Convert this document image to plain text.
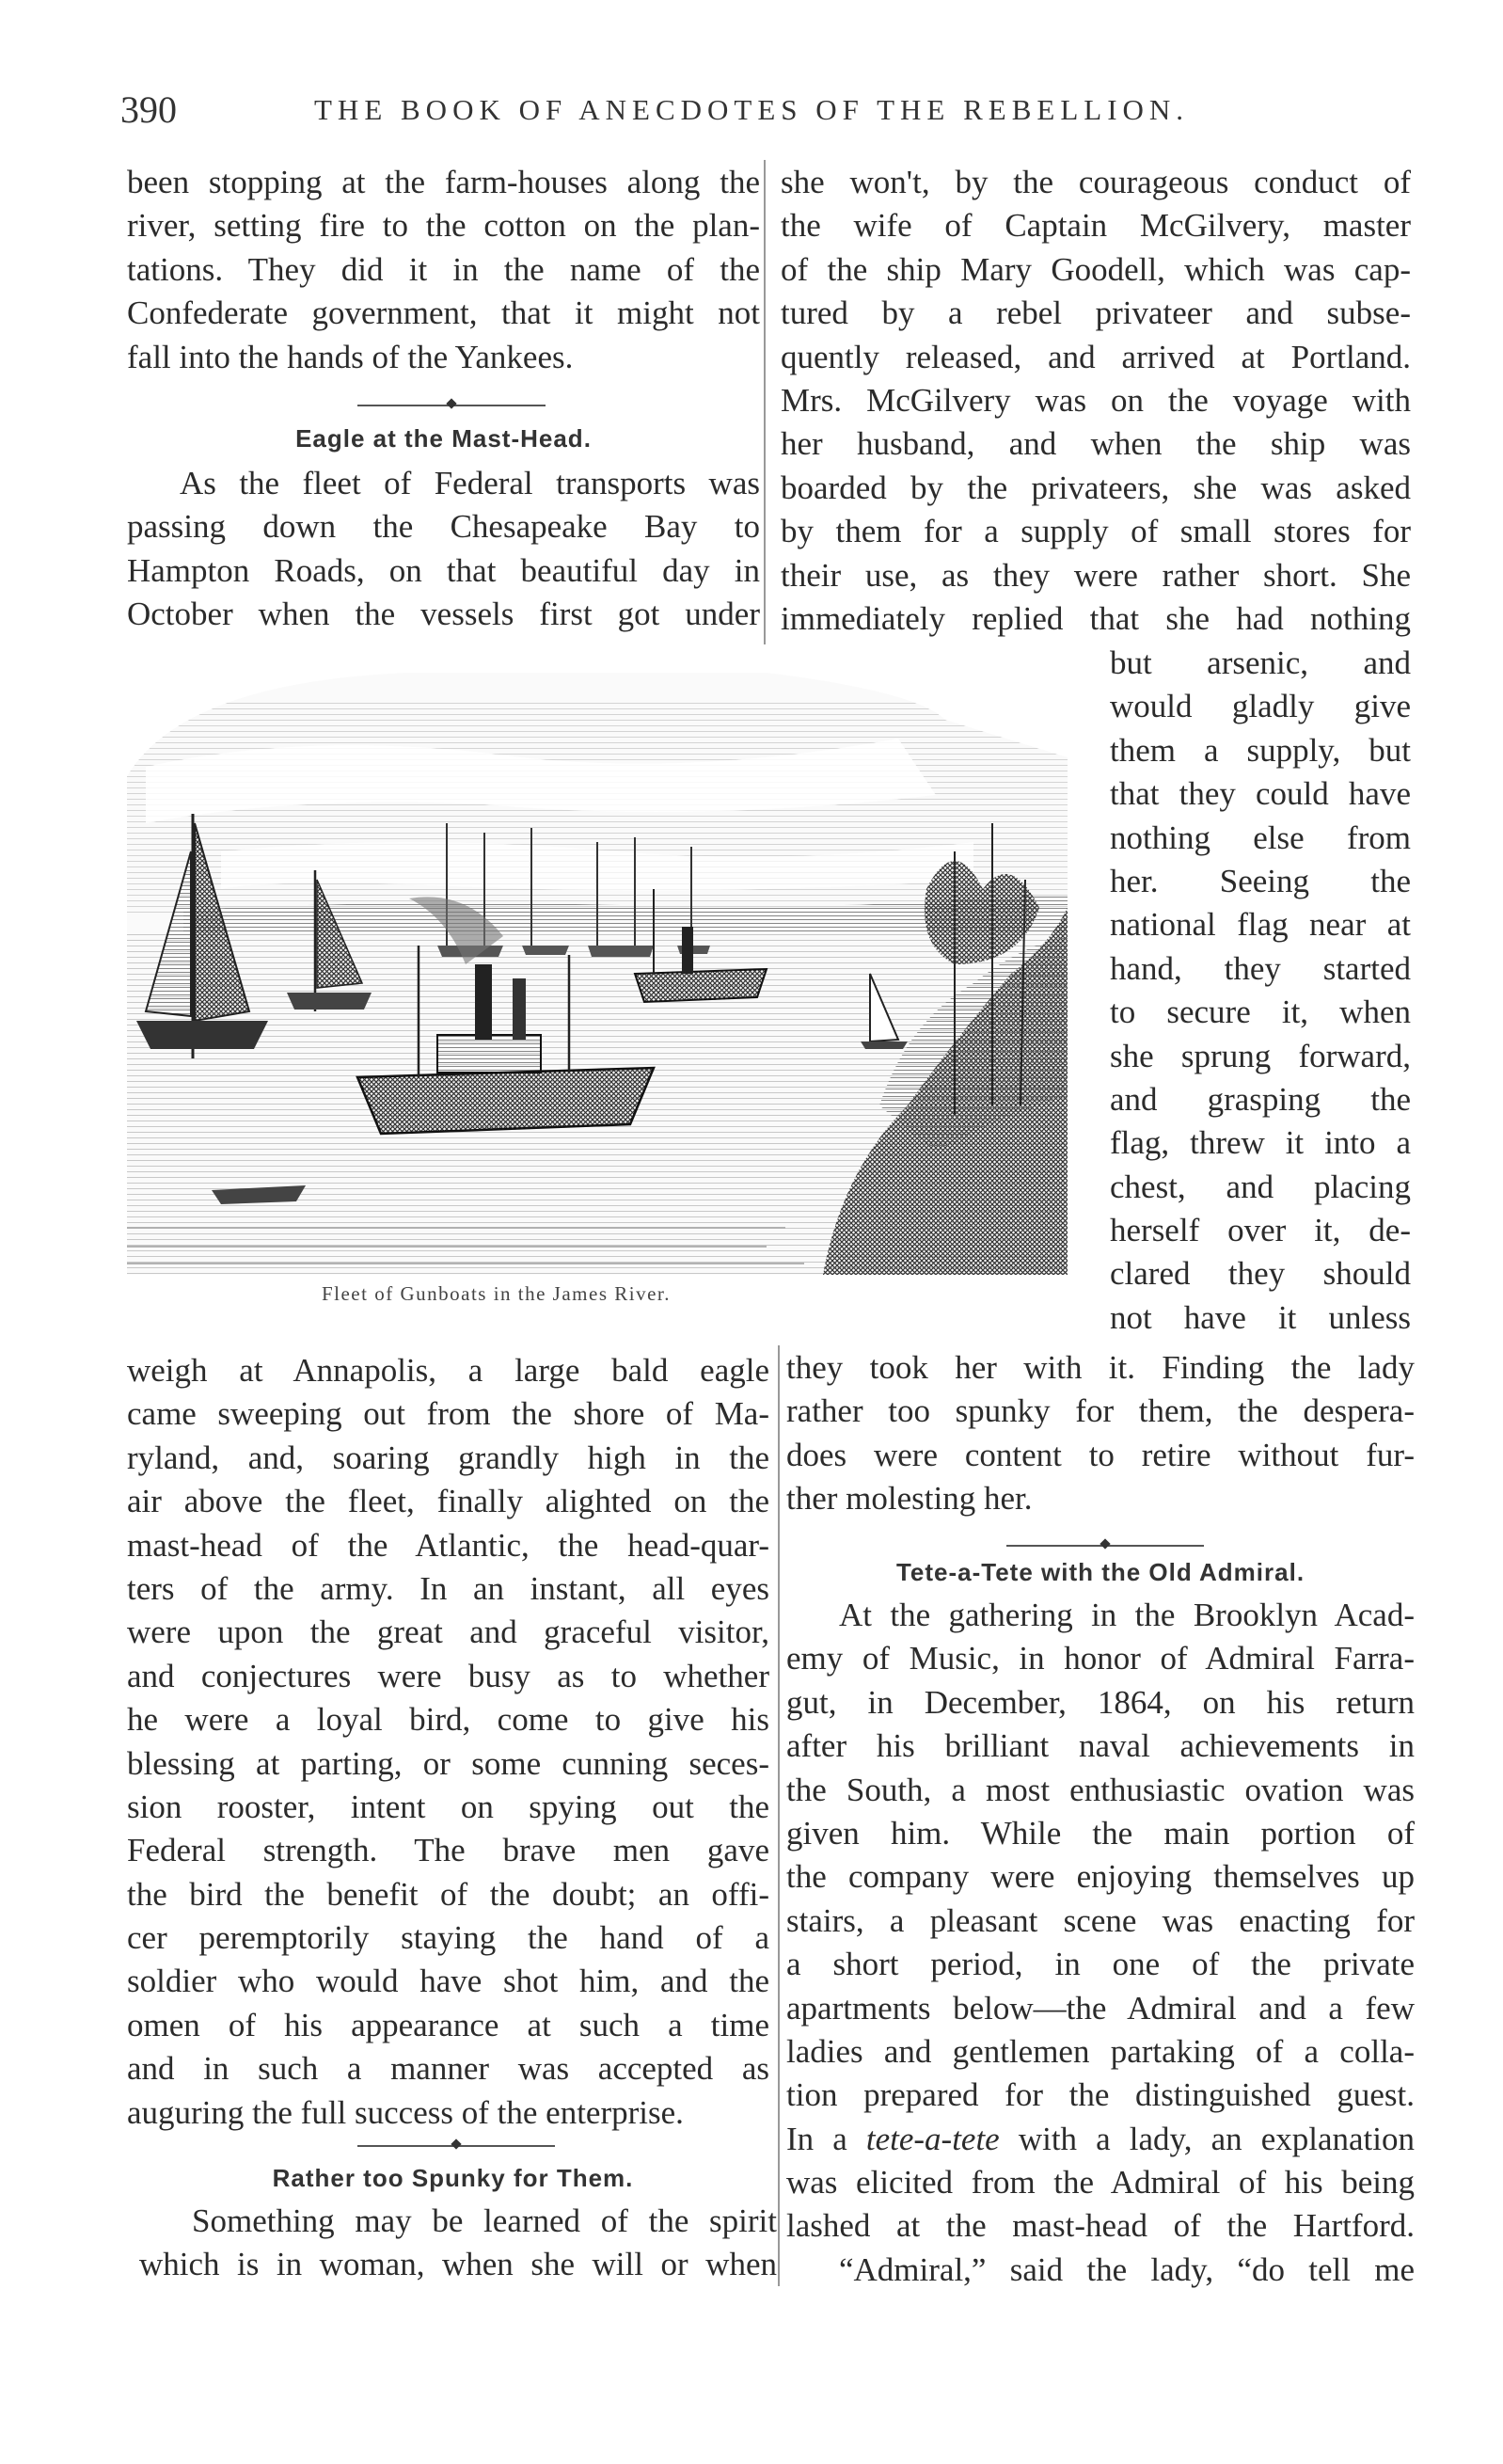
390	THE BOOK OF ANECDOTES OF THE REBELLION.
been stopping at the farm-houses along the
river, setting fire to the cotton on the plan-
tations. They did it in the name of the
Confederate government, that it might not
fall into the hands of the Yankees.
Eagle at the Mast-Head.
As the fleet of Federal transports was
passing down the Chesapeake Bay to
Hampton Roads, on that beautiful day in
October when the vessels first got under
she won't, by the courageous conduct of
the wife of Captain McGilvery, master
of the ship Mary Goodell, which was cap-
tured by a rebel privateer and subse-
quently released, and arrived at Portland.
Mrs. McGilvery was on the voyage with
her husband, and when the ship was
boarded by the privateers, she was asked
by them for a supply of small stores for
their use, as they were rather short. She
immediately replied that she had nothing
but arsenic, and
would gladly give
them a supply, but
that they could have
nothing else from
her. Seeing the
national flag near at
hand, they started
to secure it, when
she sprung forward,
and grasping the
flag, threw it into a
chest, and placing
herself over it, de-
clared they should
not have it unless
Fleet of Gunboats in the James River.
weigh at Annapolis, a large bald eagle
came sweeping out from the shore of Ma-
ryland, and, soaring grandly high in the
air above the fleet, finally alighted on the
mast-head of the Atlantic, the head-quar-
ters of the army. In an instant, all eyes
were upon the great and graceful visitor,
and conjectures were busy as to whether
he were a loyal bird, come to give his
blessing at parting, or some cunning seces-
sion rooster, intent on spying out the
Federal strength. The brave men gave
the bird the benefit of the doubt; an offi-
cer peremptorily staying the hand of a
soldier who would have shot him, and the
omen of his appearance at such a time
and in such a manner was accepted as
auguring the full success of the enterprise.
Rather too Spunky for Them.
Something may be learned of the spirit
which is in woman, when she will or when
they took her with it. Finding the lady
rather too spunky for them, the despera-
does were content to retire without fur-
ther molesting her.
Tete-a-Tete with the Old Admiral.
At the gathering in the Brooklyn Acad-
emy of Music, in honor of Admiral Farra-
gut, in December, 1864, on his return
after his brilliant naval achievements in
the South, a most enthusiastic ovation was
given him. While the main portion of
the company were enjoying themselves up
stairs, a pleasant scene was enacting for
a short period, in one of the private
apartments below—the Admiral and a few
ladies and gentlemen partaking of a colla-
tion prepared for the distinguished guest.
In a tete-a-tete with a lady, an explanation
was elicited from the Admiral of his being
lashed at the mast-head of the Hartford.
“Admiral,” said the lady, “do tell me
